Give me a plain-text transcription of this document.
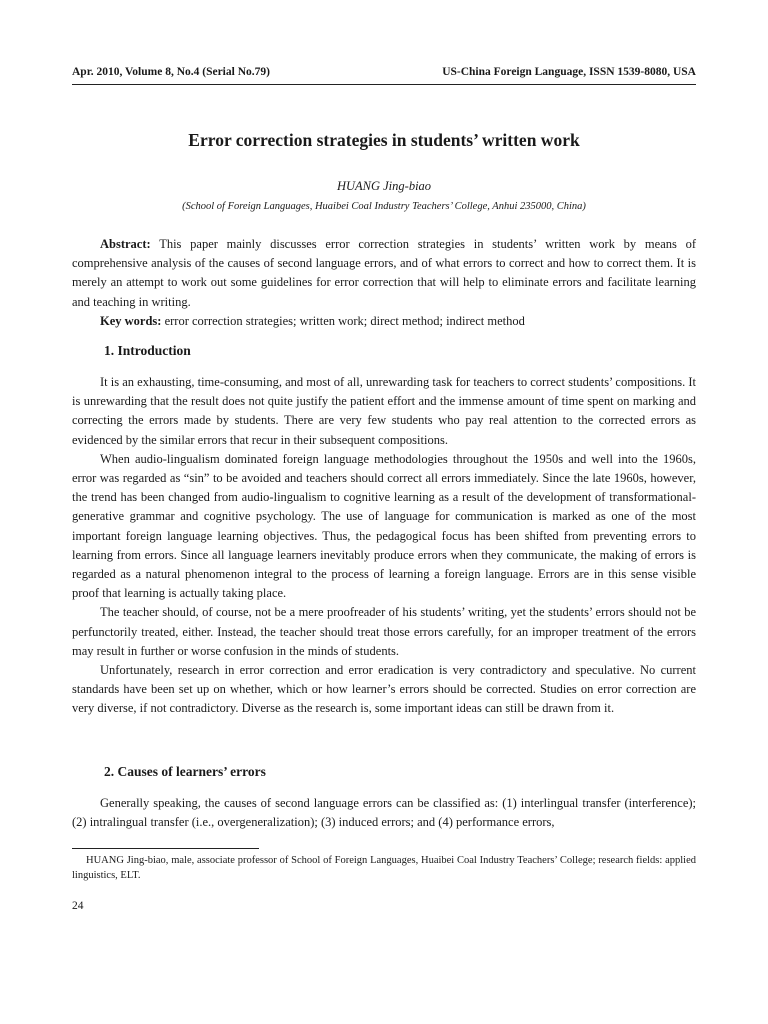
Apr. 2010, Volume 8, No.4 (Serial No.79)	US-China Foreign Language, ISSN 1539-8080, USA
Error correction strategies in students’ written work
HUANG Jing-biao
(School of Foreign Languages, Huaibei Coal Industry Teachers’ College, Anhui 235000, China)

Abstract: This paper mainly discusses error correction strategies in students’ written work by means of comprehensive analysis of the causes of second language errors, and of what errors to correct and how to correct them. It is merely an attempt to work out some guidelines for error correction that will help to eliminate errors and facilitate learning and teaching in writing.

Key words: error correction strategies; written work; direct method; indirect method

1. Introduction

It is an exhausting, time-consuming, and most of all, unrewarding task for teachers to correct students’ compositions. It is unrewarding that the result does not quite justify the patient effort and the immense amount of time spent on marking and correcting the errors made by students. There are very few students who pay real attention to the corrected errors as evidenced by the similar errors that recur in their subsequent compositions.

When audio-lingualism dominated foreign language methodologies throughout the 1950s and well into the 1960s, error was regarded as “sin” to be avoided and teachers should correct all errors immediately. Since the late 1960s, however, the trend has been changed from audio-lingualism to cognitive learning as a result of the development of transformational-generative grammar and cognitive psychology. The use of language for communication is marked as one of the most important foreign language learning objectives. Thus, the pedagogical focus has been shifted from preventing errors to learning from errors. Since all language learners inevitably produce errors when they communicate, the making of errors is regarded as a natural phenomenon integral to the process of learning a foreign language. Errors are in this sense visible proof that learning is actually taking place.

The teacher should, of course, not be a mere proofreader of his students’ writing, yet the students’ errors should not be perfunctorily treated, either. Instead, the teacher should treat those errors carefully, for an improper treatment of the errors may result in further or worse confusion in the minds of students.

Unfortunately, research in error correction and error eradication is very contradictory and speculative. No current standards have been set up on whether, which or how learner’s errors should be corrected. Studies on error correction are very diverse, if not contradictory. Diverse as the research is, some important ideas can still be drawn from it.

2. Causes of learners’ errors

Generally speaking, the causes of second language errors can be classified as: (1) interlingual transfer (interference); (2) intralingual transfer (i.e., overgeneralization); (3) induced errors; and (4) performance errors,

HUANG Jing-biao, male, associate professor of School of Foreign Languages, Huaibei Coal Industry Teachers’ College; research fields: applied linguistics, ELT.

24
